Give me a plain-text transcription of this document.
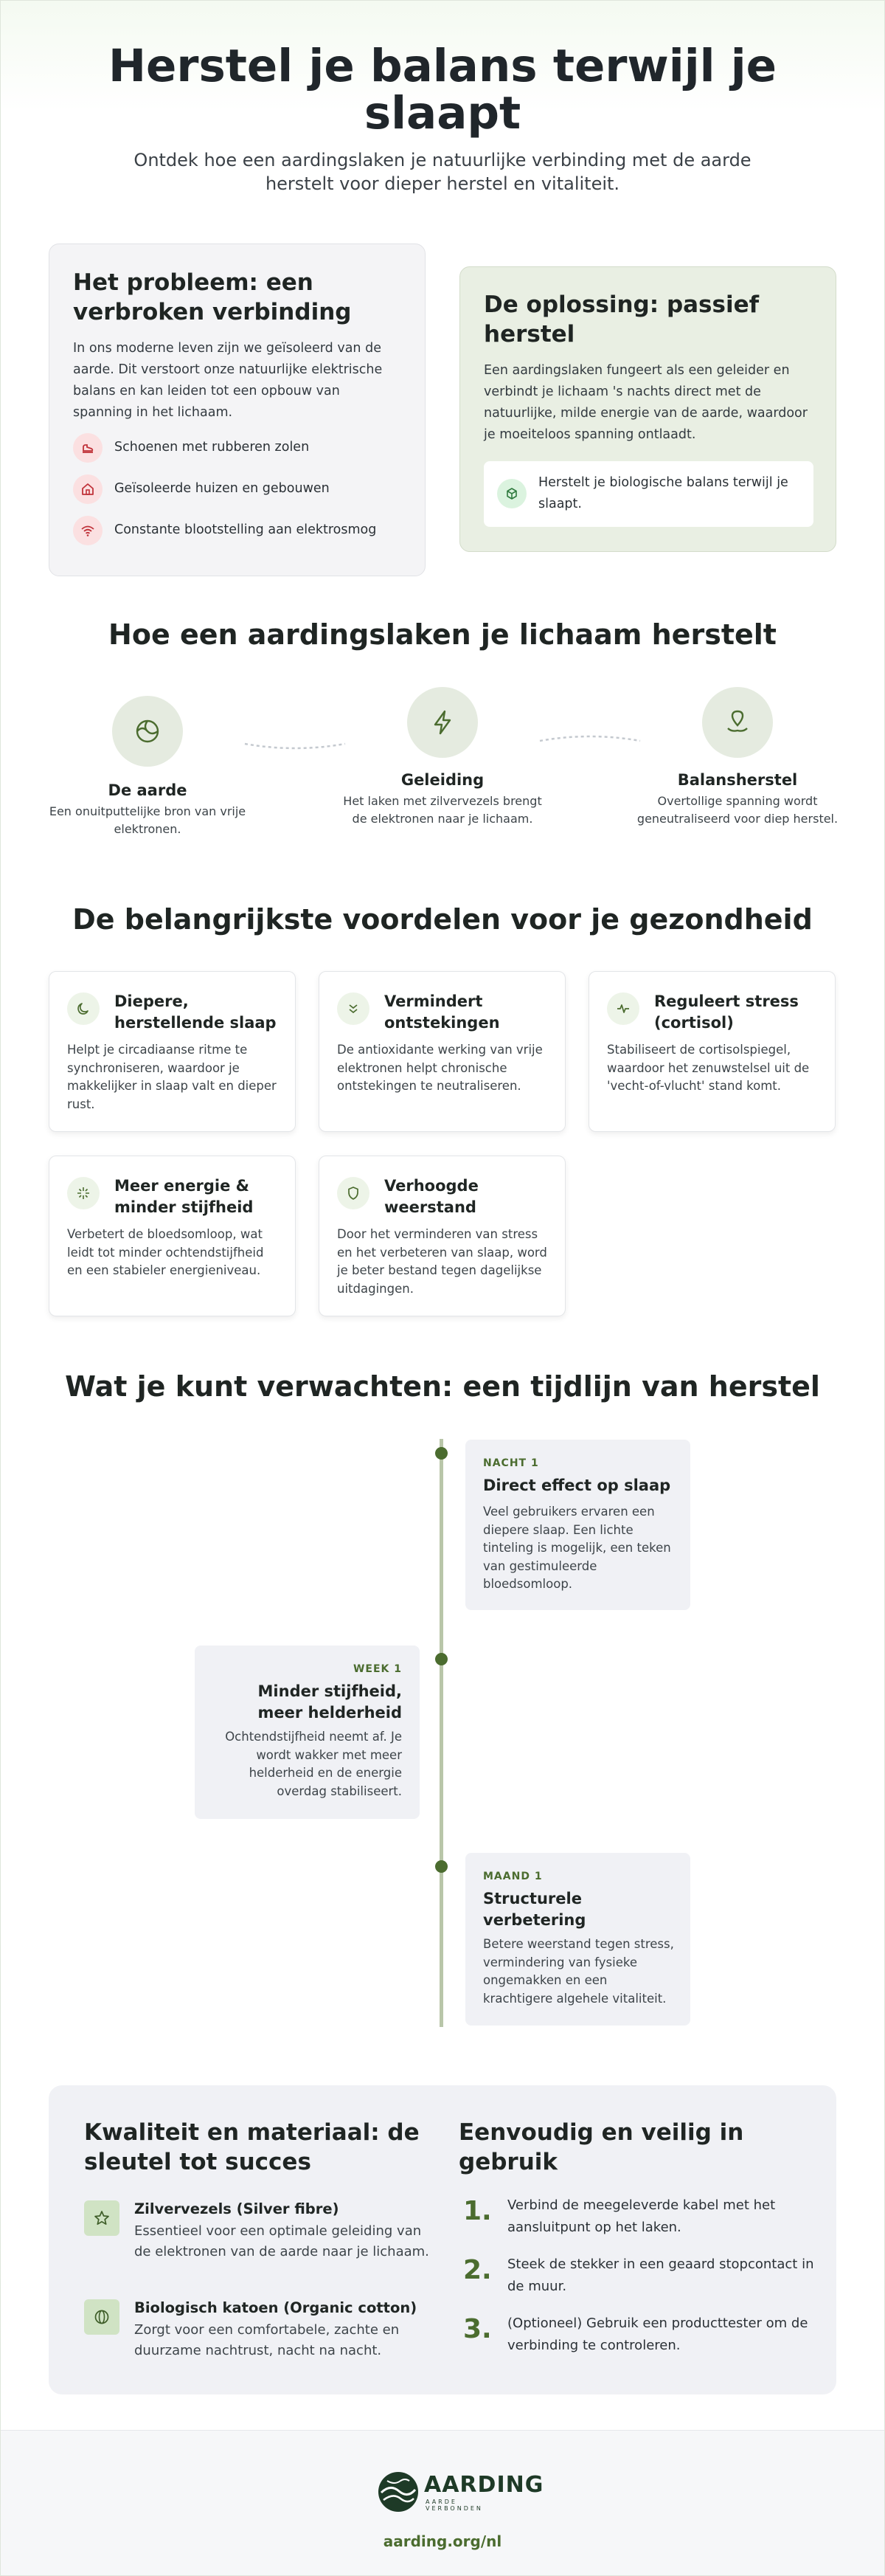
Herstel je balans terwijl je slaapt

Ontdek hoe een aardingslaken je natuurlijke verbinding met de aarde herstelt voor dieper herstel en vitaliteit.

Het probleem: een verbroken verbinding

In ons moderne leven zijn we geïsoleerd van de aarde. Dit verstoort onze natuurlijke elektrische balans en kan leiden tot een opbouw van spanning in het lichaam.

Schoenen met rubberen zolen
Geïsoleerde huizen en gebouwen
Constante blootstelling aan elektrosmog
De oplossing: passief herstel

Een aardingslaken fungeert als een geleider en verbindt je lichaam 's nachts direct met de natuurlijke, milde energie van de aarde, waardoor je moeiteloos spanning ontlaadt.

Herstelt je biologische balans terwijl je slaapt.

Hoe een aardingslaken je lichaam herstelt
De aarde
Een onuitputtelijke bron van vrije elektronen.
Geleiding
Het laken met zilvervezels brengt de elektronen naar je lichaam.
Balansherstel
Overtollige spanning wordt geneutraliseerd voor diep herstel.
De belangrijkste voordelen voor je gezondheid
Diepere, herstellende slaap
Helpt je circadiaanse ritme te synchroniseren, waardoor je makkelijker in slaap valt en dieper rust.
Vermindert ontstekingen
De antioxidante werking van vrije elektronen helpt chronische ontstekingen te neutraliseren.
Reguleert stress (cortisol)
Stabiliseert de cortisolspiegel, waardoor het zenuwstelsel uit de 'vecht-of-vlucht' stand komt.
Meer energie & minder stijfheid
Verbetert de bloedsomloop, wat leidt tot minder ochtendstijfheid en een stabieler energieniveau.
Verhoogde weerstand
Door het verminderen van stress en het verbeteren van slaap, word je beter bestand tegen dagelijkse uitdagingen.
Wat je kunt verwachten: een tijdlijn van herstel
NACHT 1
Direct effect op slaap
Veel gebruikers ervaren een diepere slaap. Een lichte tinteling is mogelijk, een teken van gestimuleerde bloedsomloop.
WEEK 1
Minder stijfheid, meer helderheid
Ochtendstijfheid neemt af. Je wordt wakker met meer helderheid en de energie overdag stabiliseert.
MAAND 1
Structurele verbetering
Betere weerstand tegen stress, vermindering van fysieke ongemakken en een krachtigere algehele vitaliteit.
Kwaliteit en materiaal: de sleutel tot succes
Zilvervezels (Silver fibre)
Essentieel voor een optimale geleiding van de elektronen van de aarde naar je lichaam.
Biologisch katoen (Organic cotton)
Zorgt voor een comfortabele, zachte en duurzame nachtrust, nacht na nacht.
Eenvoudig en veilig in gebruik
1. Verbind de meegeleverde kabel met het aansluitpunt op het laken.
2. Steek de stekker in een geaard stopcontact in de muur.
3. (Optioneel) Gebruik een producttester om de verbinding te controleren.
AARDING
AARDE VERBONDEN
aarding.org/nl
